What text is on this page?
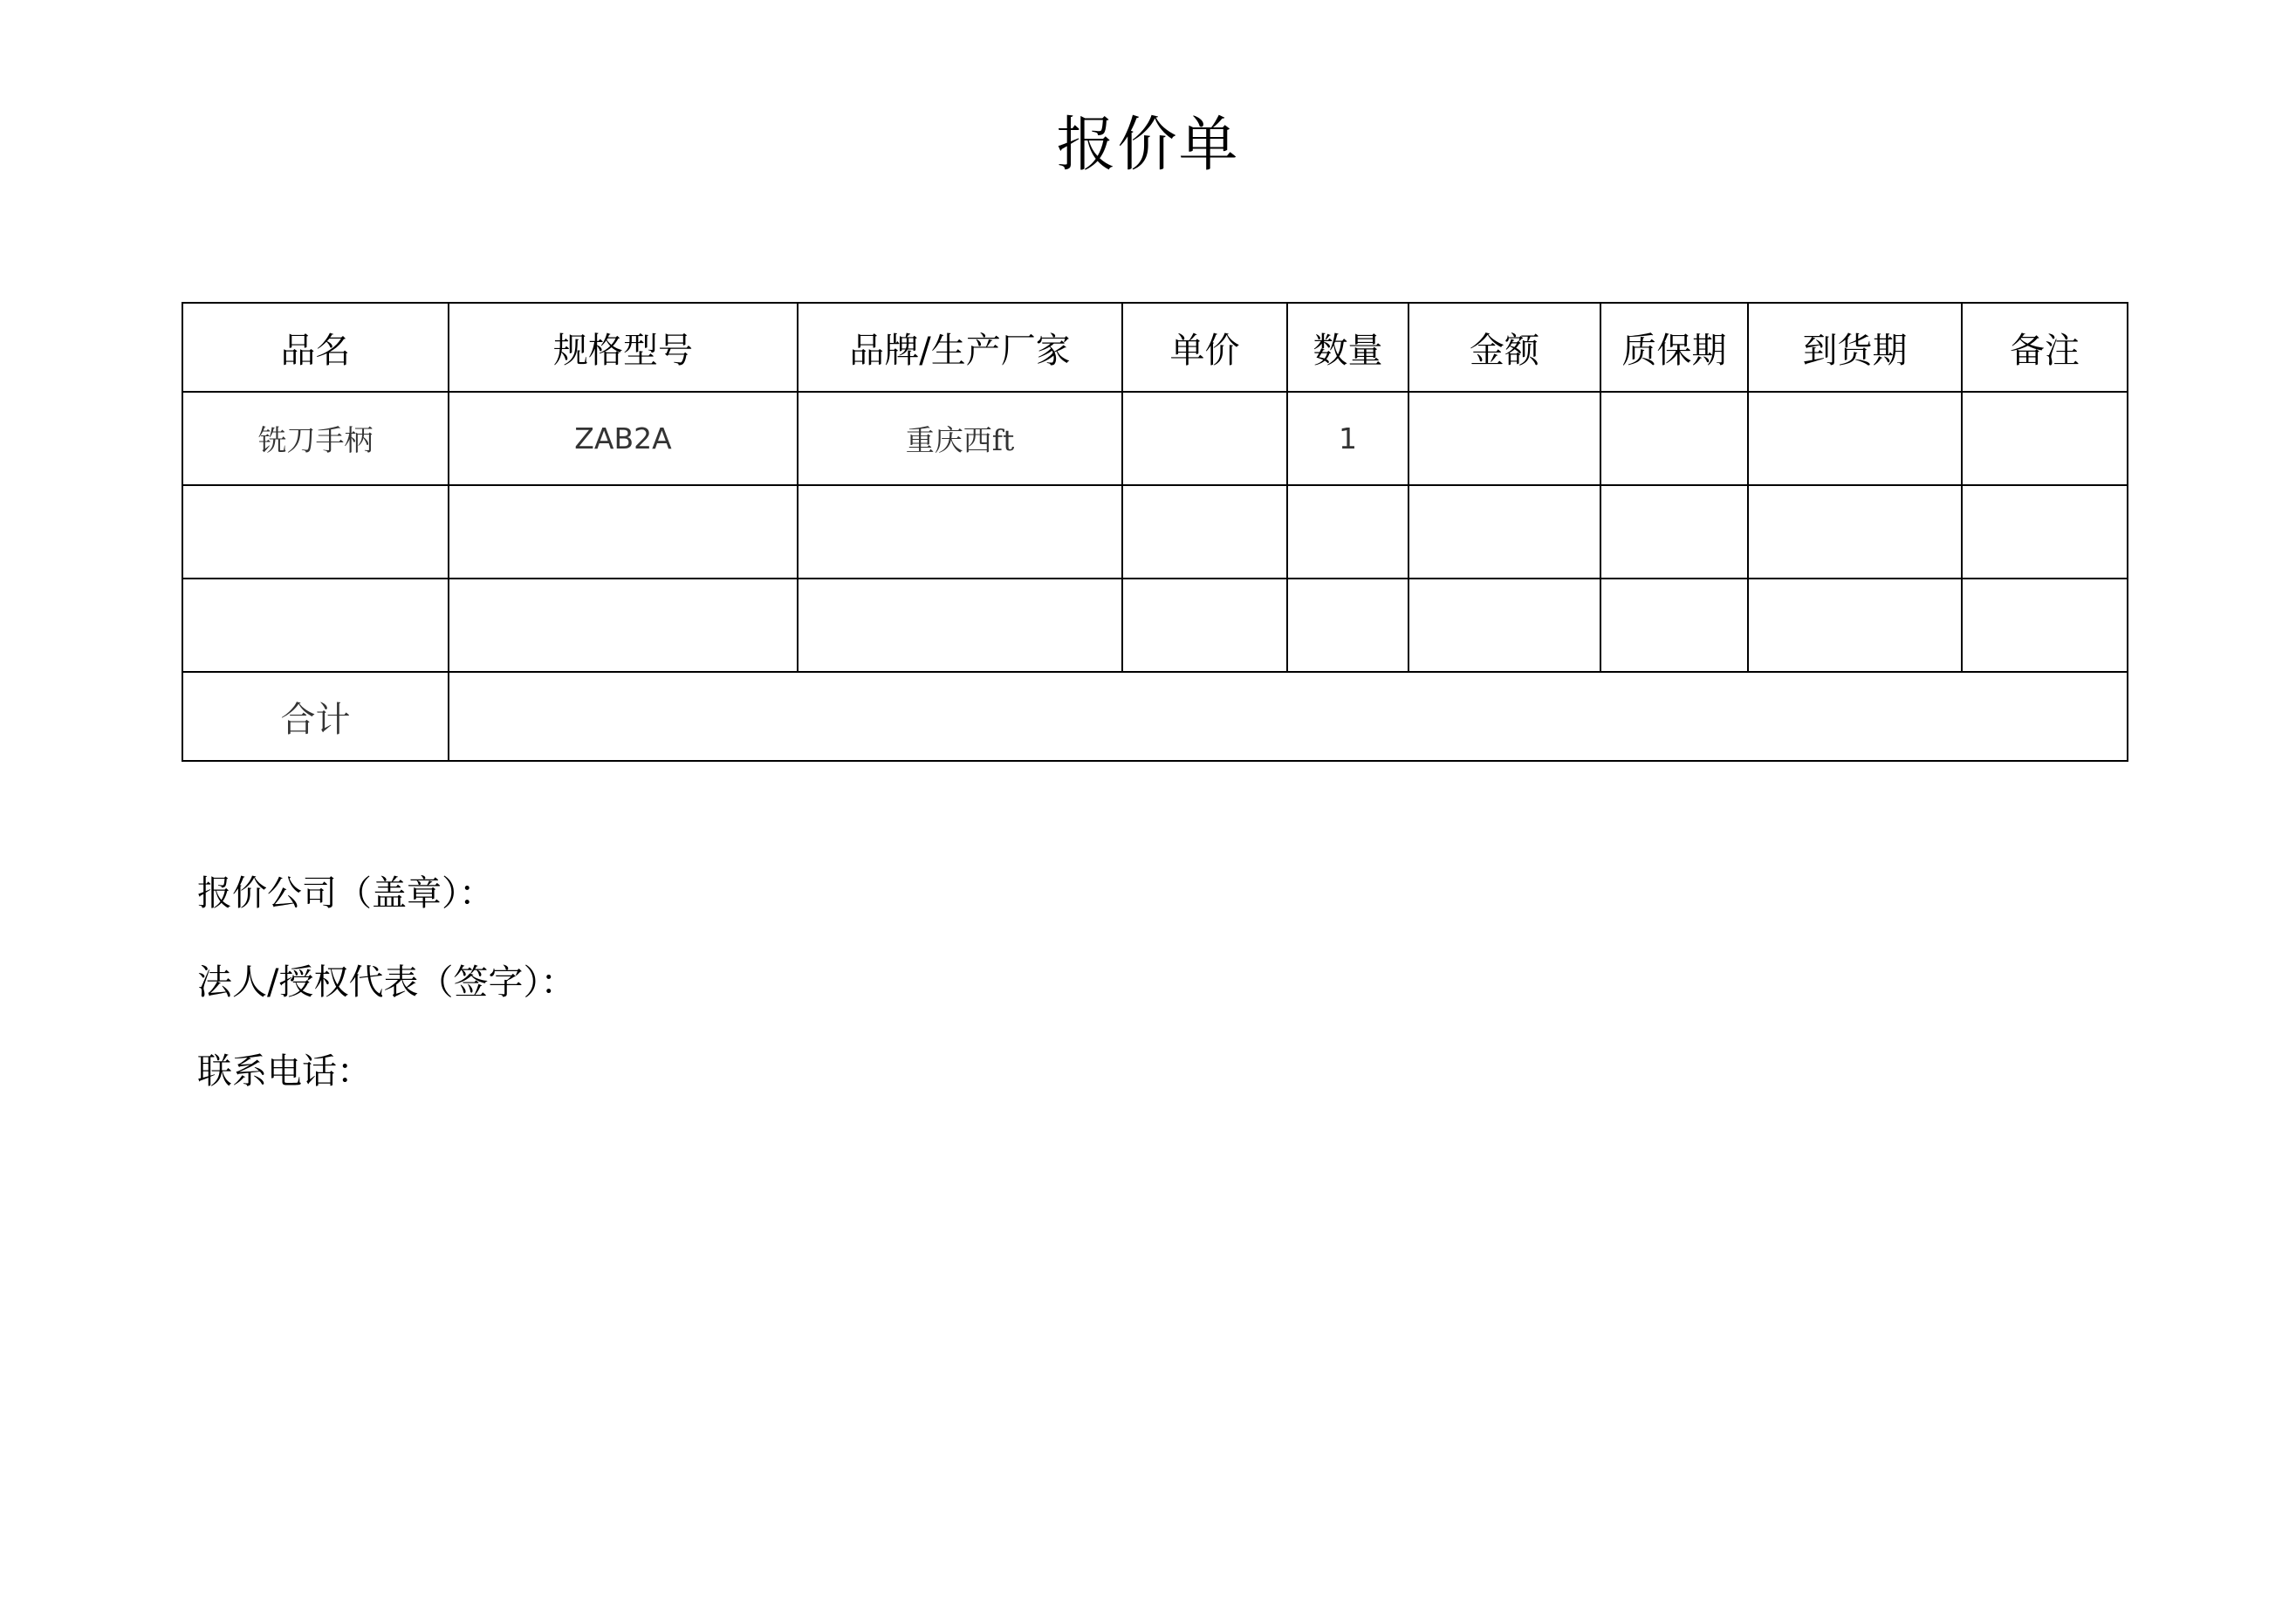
报价单
品名	规格型号	品牌/生产厂家	单价	数量	金额	质保期	到货期	备注
铣刀手柄	ZAB2A	重庆西ft		1				

合计								
报价公司（盖章）：
法人/授权代表（签字）：
联系电话：
